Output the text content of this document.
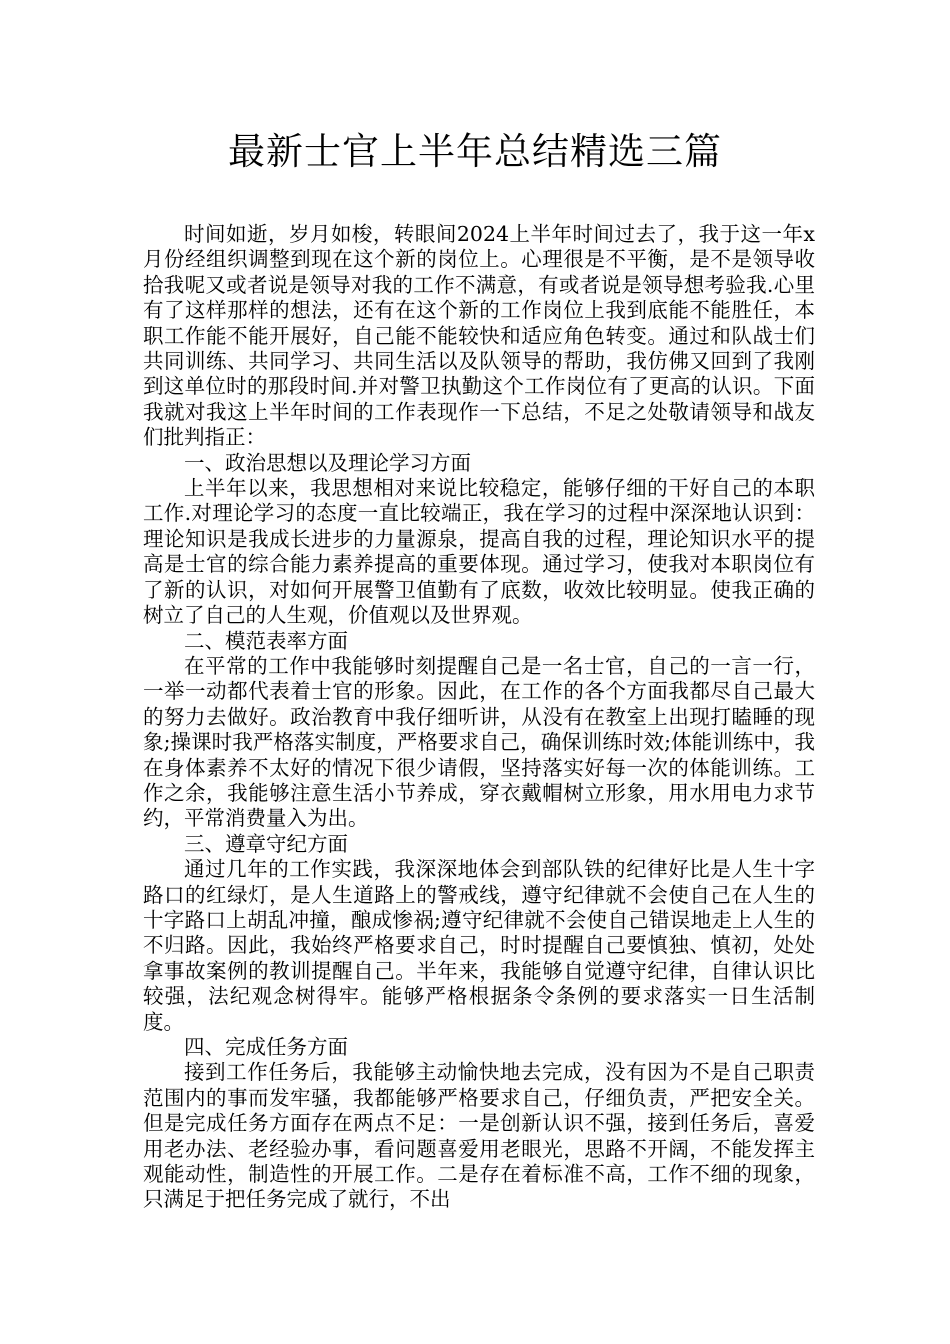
最新士官上半年总结精选三篇

时间如逝，岁月如梭，转眼间2024上半年时间过去了，我于这一年x月份经组织调整到现在这个新的岗位上。心理很是不平衡，是不是领导收拾我呢又或者说是领导对我的工作不满意，有或者说是领导想考验我.心里有了这样那样的想法，还有在这个新的工作岗位上我到底能不能胜任，本职工作能不能开展好，自己能不能较快和适应角色转变。通过和队战士们共同训练、共同学习、共同生活以及队领导的帮助，我仿佛又回到了我刚到这单位时的那段时间.并对警卫执勤这个工作岗位有了更高的认识。下面我就对我这上半年时间的工作表现作一下总结，不足之处敬请领导和战友们批判指正：

一、政治思想以及理论学习方面

上半年以来，我思想相对来说比较稳定，能够仔细的干好自己的本职工作.对理论学习的态度一直比较端正，我在学习的过程中深深地认识到：理论知识是我成长进步的力量源泉，提高自我的过程，理论知识水平的提高是士官的综合能力素养提高的重要体现。通过学习，使我对本职岗位有了新的认识，对如何开展警卫值勤有了底数，收效比较明显。使我正确的树立了自己的人生观，价值观以及世界观。

二、模范表率方面

在平常的工作中我能够时刻提醒自己是一名士官，自己的一言一行，一举一动都代表着士官的形象。因此，在工作的各个方面我都尽自己最大的努力去做好。政治教育中我仔细听讲，从没有在教室上出现打瞌睡的现象;操课时我严格落实制度，严格要求自己，确保训练时效;体能训练中，我在身体素养不太好的情况下很少请假，坚持落实好每一次的体能训练。工作之余，我能够注意生活小节养成，穿衣戴帽树立形象，用水用电力求节约，平常消费量入为出。

三、遵章守纪方面

通过几年的工作实践，我深深地体会到部队铁的纪律好比是人生十字路口的红绿灯，是人生道路上的警戒线，遵守纪律就不会使自己在人生的十字路口上胡乱冲撞，酿成惨祸;遵守纪律就不会使自己错误地走上人生的不归路。因此，我始终严格要求自己，时时提醒自己要慎独、慎初，处处拿事故案例的教训提醒自己。半年来，我能够自觉遵守纪律，自律认识比较强，法纪观念树得牢。能够严格根据条令条例的要求落实一日生活制度。

四、完成任务方面

接到工作任务后，我能够主动愉快地去完成，没有因为不是自己职责范围内的事而发牢骚，我都能够严格要求自己，仔细负责，严把安全关。但是完成任务方面存在两点不足：一是创新认识不强，接到任务后，喜爱用老办法、老经验办事，看问题喜爱用老眼光，思路不开阔，不能发挥主观能动性，制造性的开展工作。二是存在着标准不高，工作不细的现象，只满足于把任务完成了就行，不出
